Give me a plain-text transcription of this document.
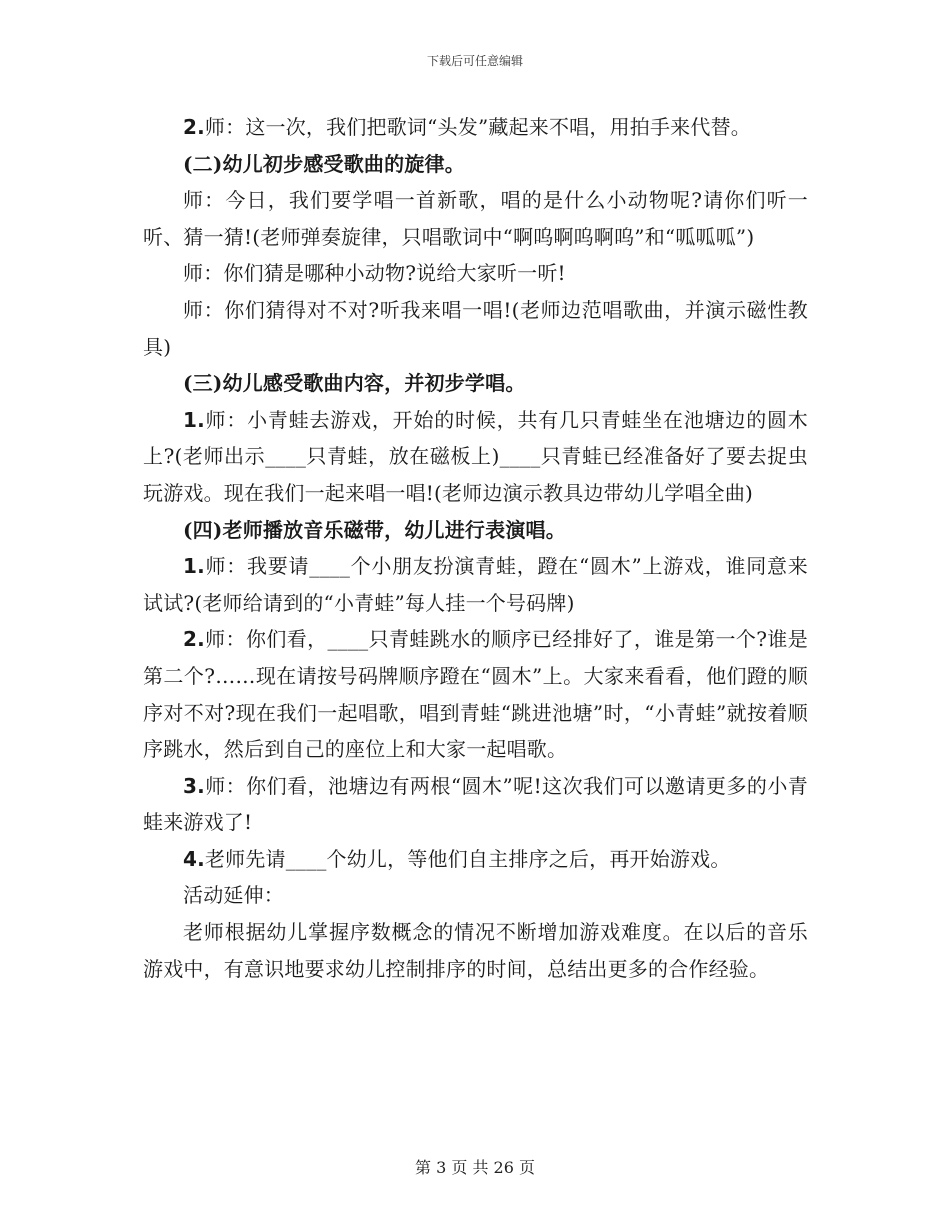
下载后可任意编辑

2.师：这一次，我们把歌词“头发”藏起来不唱，用拍手来代替。

(二)幼儿初步感受歌曲的旋律。

师：今日，我们要学唱一首新歌，唱的是什么小动物呢?请你们听一听、猜一猜!(老师弹奏旋律，只唱歌词中“啊呜啊呜啊呜”和“呱呱呱”)

师：你们猜是哪种小动物?说给大家听一听!

师：你们猜得对不对?听我来唱一唱!(老师边范唱歌曲，并演示磁性教具)

(三)幼儿感受歌曲内容，并初步学唱。

1.师：小青蛙去游戏，开始的时候，共有几只青蛙坐在池塘边的圆木上?(老师出示____只青蛙，放在磁板上)____只青蛙已经准备好了要去捉虫玩游戏。现在我们一起来唱一唱!(老师边演示教具边带幼儿学唱全曲)

(四)老师播放音乐磁带，幼儿进行表演唱。

1.师：我要请____个小朋友扮演青蛙，蹬在“圆木”上游戏，谁同意来试试?(老师给请到的“小青蛙”每人挂一个号码牌)

2.师：你们看，____只青蛙跳水的顺序已经排好了，谁是第一个?谁是第二个?……现在请按号码牌顺序蹬在“圆木”上。大家来看看，他们蹬的顺序对不对?现在我们一起唱歌，唱到青蛙“跳进池塘”时，“小青蛙”就按着顺序跳水，然后到自己的座位上和大家一起唱歌。

3.师：你们看，池塘边有两根“圆木”呢!这次我们可以邀请更多的小青蛙来游戏了!

4.老师先请____个幼儿，等他们自主排序之后，再开始游戏。

活动延伸：

老师根据幼儿掌握序数概念的情况不断增加游戏难度。在以后的音乐游戏中，有意识地要求幼儿控制排序的时间，总结出更多的合作经验。

第 3 页 共 26 页
